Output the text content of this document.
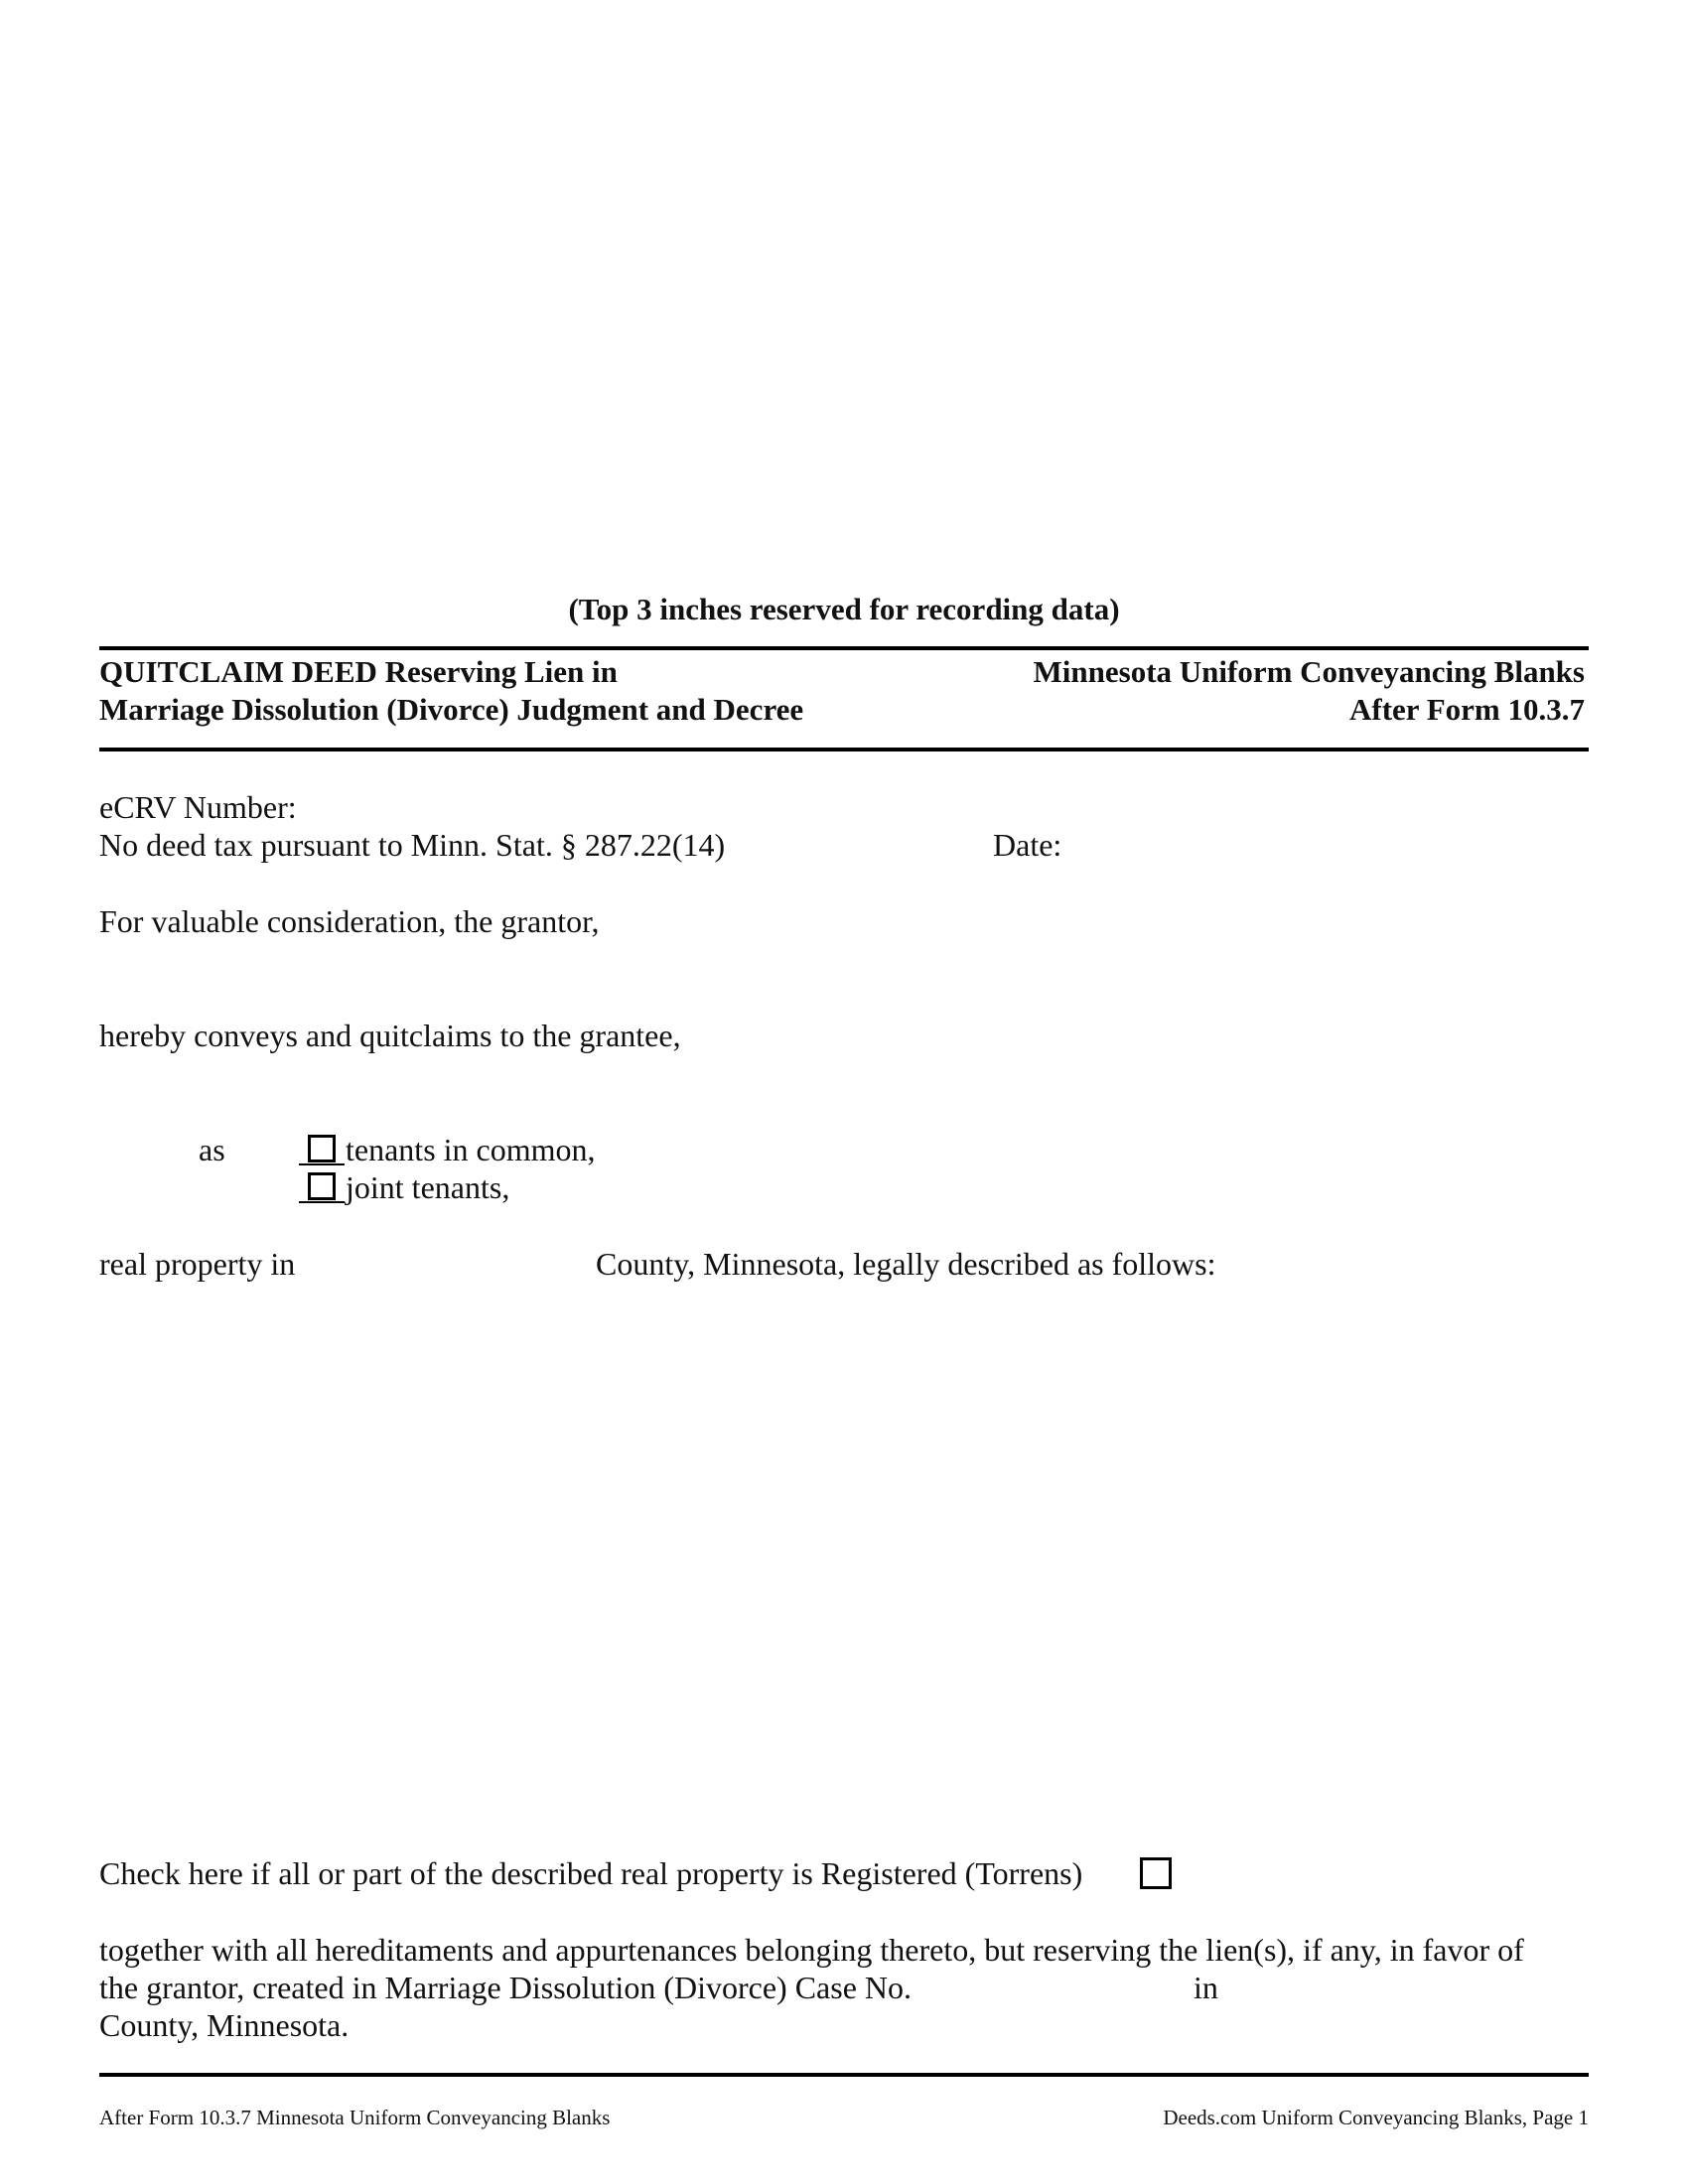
(Top 3 inches reserved for recording data)
QUITCLAIM DEED Reserving Lien in
Marriage Dissolution (Divorce) Judgment and Decree
Minnesota Uniform Conveyancing Blanks
After Form 10.3.7
eCRV Number:
No deed tax pursuant to Minn. Stat. § 287.22(14)	Date:
For valuable consideration, the grantor,
hereby conveys and quitclaims to the grantee,
as	tenants in common,
joint tenants,
real property in	County, Minnesota, legally described as follows:
Check here if all or part of the described real property is Registered (Torrens)
together with all hereditaments and appurtenances belonging thereto, but reserving the lien(s), if any, in favor of
the grantor, created in Marriage Dissolution (Divorce) Case No.	in
County, Minnesota.
After Form 10.3.7 Minnesota Uniform Conveyancing Blanks	Deeds.com Uniform Conveyancing Blanks, Page 1
